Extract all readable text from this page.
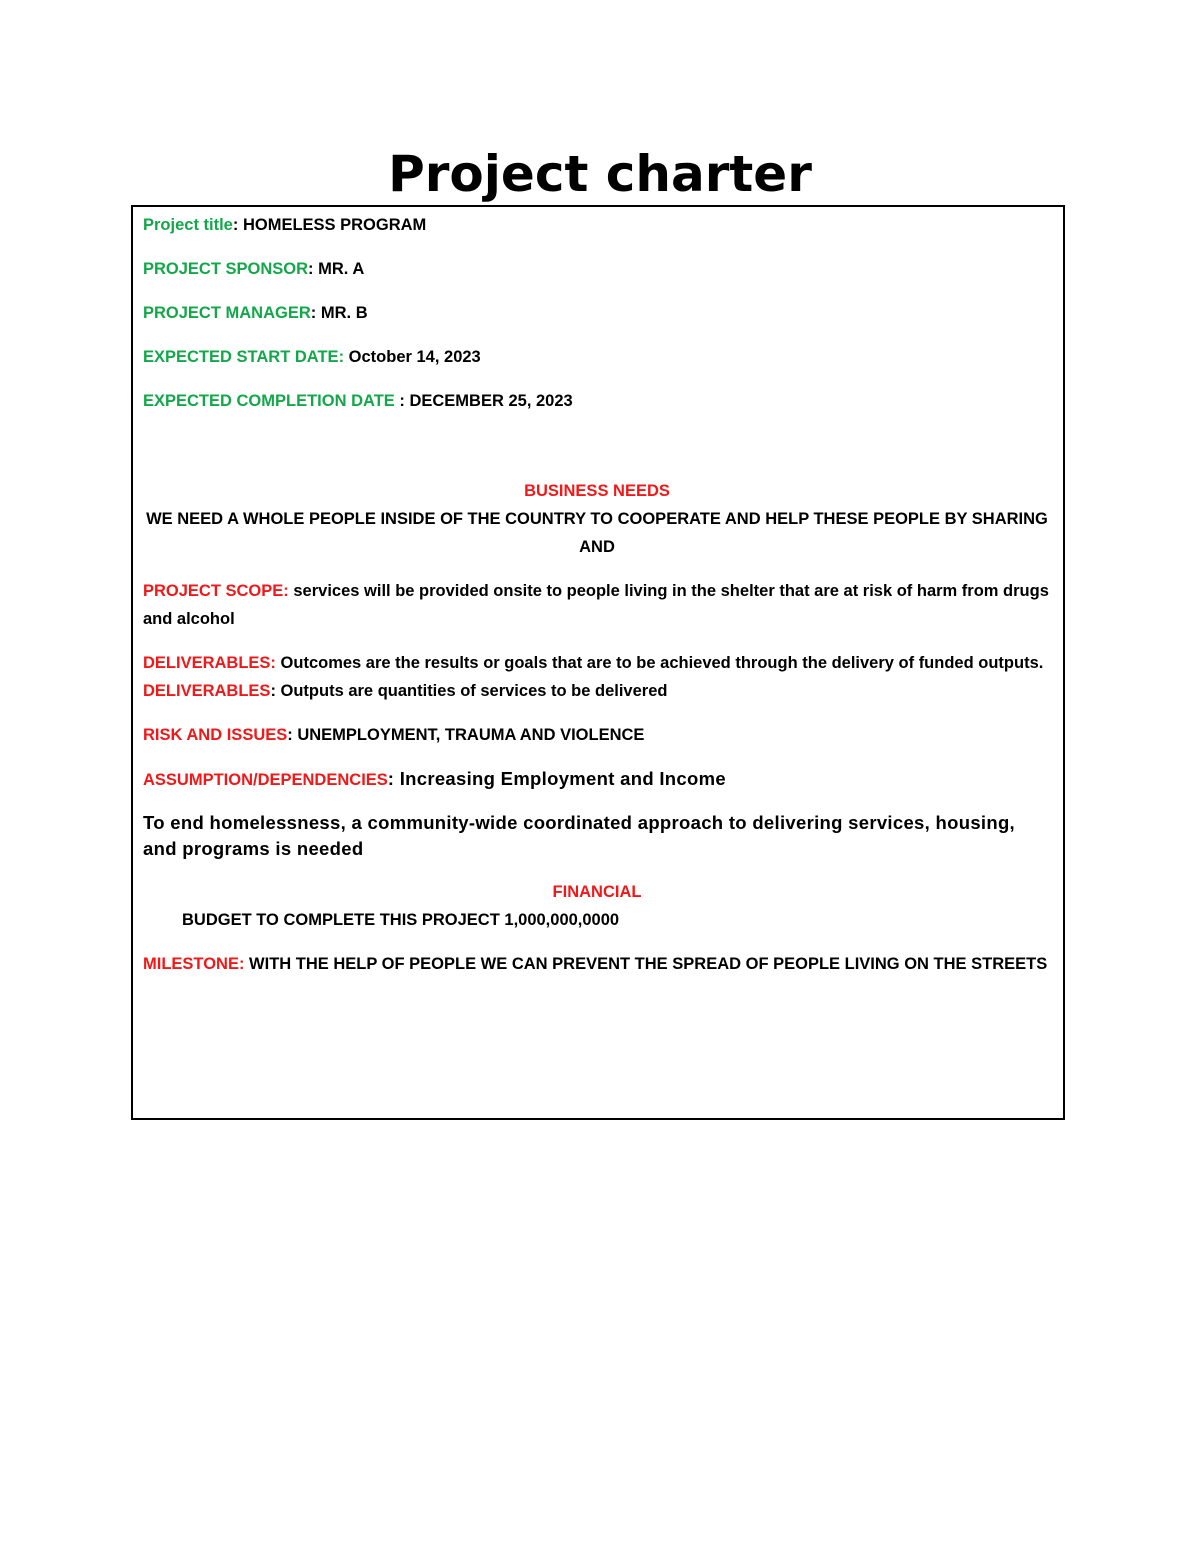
Project charter

Project title: HOMELESS PROGRAM

PROJECT SPONSOR: MR. A

PROJECT MANAGER: MR. B

EXPECTED START DATE: October 14, 2023

EXPECTED COMPLETION DATE : DECEMBER 25, 2023

BUSINESS NEEDS

WE NEED A WHOLE PEOPLE INSIDE OF THE COUNTRY TO COOPERATE AND HELP THESE PEOPLE BY SHARING AND

PROJECT SCOPE: services will be provided onsite to people living in the shelter that are at risk of harm from drugs and alcohol

DELIVERABLES: Outcomes are the results or goals that are to be achieved through the delivery of funded outputs.

DELIVERABLES: Outputs are quantities of services to be delivered

RISK AND ISSUES: UNEMPLOYMENT, TRAUMA AND VIOLENCE

ASSUMPTION/DEPENDENCIES: Increasing Employment and Income

To end homelessness, a community-wide coordinated approach to delivering services, housing, and programs is needed

FINANCIAL

BUDGET TO COMPLETE THIS PROJECT 1,000,000,0000

MILESTONE: WITH THE HELP OF PEOPLE WE CAN PREVENT THE SPREAD OF PEOPLE LIVING ON THE STREETS
